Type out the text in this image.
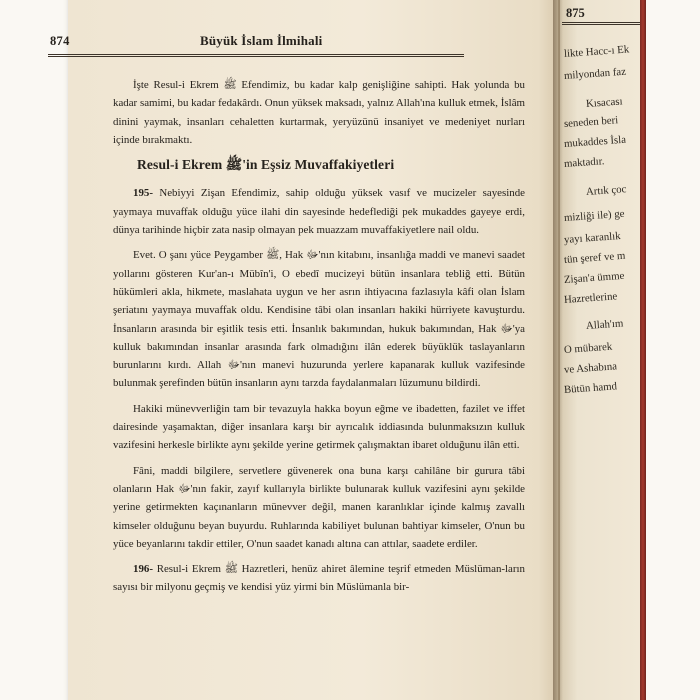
874	Büyük İslam İlmihali

İşte Resul-i Ekrem ﷺ Efendimiz, bu kadar kalp genişliğine sahipti. Hak yolunda bu kadar samimi, bu kadar fedakârdı. Onun yüksek maksadı, yalnız Allah'ına kulluk etmek, İslâm dinini yaymak, insanları cehaletten kurtarmak, yeryüzünü insaniyet ve medeniyet nurları içinde bırakmaktı.

Resul-i Ekrem ﷺ'in Eşsiz Muvaffakiyetleri

195- Nebiyyi Zişan Efendimiz, sahip olduğu yüksek vasıf ve mucizeler sayesinde yaymaya muvaffak olduğu yüce ilahi din sayesinde hedeflediği pek mukaddes gayeye erdi, dünya tarihinde hiçbir zata nasip olmayan pek muazzam muvaffakiyetlere nail oldu.

Evet. O şanı yüce Peygamber ﷺ, Hak ﷻ'nın kitabını, insanlığa maddi ve manevi saadet yollarını gösteren Kur'an-ı Mübîn'i, O ebedî mucizeyi bütün insanlara tebliğ etti. Bütün hükümleri akla, hikmete, maslahata uygun ve her asrın ihtiyacına fazlasıyla kâfi olan İslam şeriatını yaymaya muvaffak oldu. Kendisine tâbi olan insanları hakiki hürriyete kavuşturdu. İnsanların arasında bir eşitlik tesis etti. İnsanlık bakımından, hukuk bakımından, Hak ﷻ'ya kulluk bakımından insanlar arasında fark olmadığını ilân ederek büyüklük taslayanların burunlarını kırdı. Allah ﷻ'nın manevi huzurunda yerlere kapanarak kulluk vazifesinde bulunmak şerefinden bütün insanların aynı tarzda faydalanmaları lüzumunu bildirdi.

Hakiki münevverliğin tam bir tevazuyla hakka boyun eğme ve ibadetten, fazilet ve iffet dairesinde yaşamaktan, diğer insanlara karşı bir ayrıcalık iddiasında bulunmaksızın kulluk vazifesini herkesle birlikte aynı şekilde yerine getirmek çalışmaktan ibaret olduğunu ilân etti.

Fâni, maddi bilgilere, servetlere güvenerek ona buna karşı cahilâne bir gurura tâbi olanların Hak ﷻ'nın fakir, zayıf kullarıyla birlikte bulunarak kulluk vazifesini aynı şekilde yerine getirmekten kaçınanların münevver değil, manen karanlıklar içinde kalmış zavallı kimseler olduğunu beyan buyurdu. Ruhlarında kabiliyet bulunan bahtiyar kimseler, O'nun bu yüce beyanlarını takdir ettiler, O'nun saadet kanadı altına can attılar, saadete erdiler.

196- Resul-i Ekrem ﷺ Hazretleri, henüz ahiret âlemine teşrif etmeden Müslüman-ların sayısı bir milyonu geçmiş ve kendisi yüz yirmi bin Müslümanla bir-

875
likte Hacc-ı Ek
milyondan faz
Kısacası
seneden beri
mukaddes İsla
maktadır.
Artık çoc
mizliği ile) ge
yayı karanlık
tün şeref ve m
Zişan'a ümme
Hazretlerine
Allah'ım
O mübarek
ve Ashabına
Bütün hamd
